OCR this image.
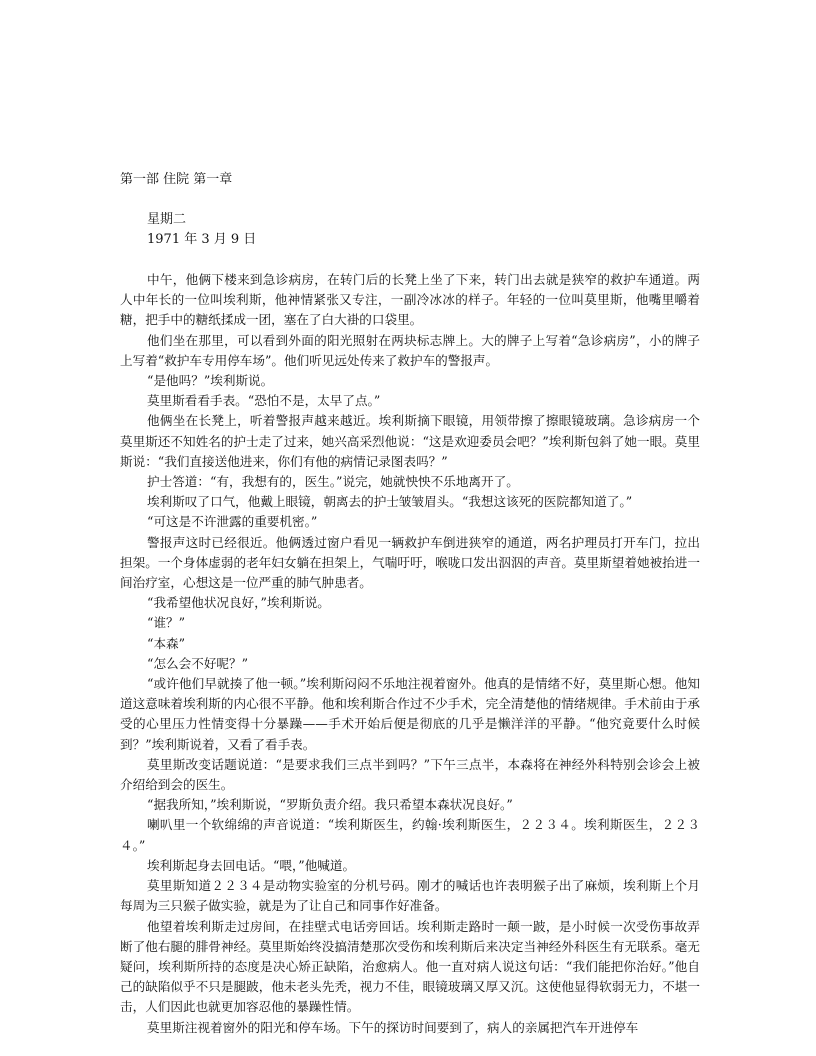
第一部 住院 第一章
星期二
1971 年 3 月 9 日

中午，他俩下楼来到急诊病房，在转门后的长凳上坐了下来，转门出去就是狭窄的救护车通道。两人中年长的一位叫埃利斯，他神情紧张又专注，一副冷冰冰的样子。年轻的一位叫莫里斯，他嘴里嚼着糖，把手中的糖纸揉成一团，塞在了白大褂的口袋里。

他们坐在那里，可以看到外面的阳光照射在两块标志牌上。大的牌子上写着“急诊病房”，小的牌子上写着“救护车专用停车场”。他们听见远处传来了救护车的警报声。

“是他吗？”埃利斯说。

莫里斯看看手表。“恐怕不是，太早了点。”

他俩坐在长凳上，听着警报声越来越近。埃利斯摘下眼镜，用领带擦了擦眼镜玻璃。急诊病房一个莫里斯还不知姓名的护士走了过来，她兴高采烈他说：“这是欢迎委员会吧？”埃利斯包斜了她一眼。莫里斯说：“我们直接送他进来，你们有他的病情记录图表吗？”

护士答道：“有，我想有的，医生。”说完，她就怏怏不乐地离开了。

埃利斯叹了口气，他戴上眼镜，朝离去的护士皱皱眉头。“我想这该死的医院都知道了。”

“可这是不许泄露的重要机密。”

警报声这时已经很近。他俩透过窗户看见一辆救护车倒进狭窄的通道，两名护理员打开车门，拉出担架。一个身体虚弱的老年妇女躺在担架上，气喘吁吁，喉咙口发出泅泅的声音。莫里斯望着她被抬进一间治疗室，心想这是一位严重的肺气肿患者。

“我希望他状况良好，”埃利斯说。

“谁？”

“本森”

“怎么会不好呢？”

“或许他们早就揍了他一顿。”埃利斯闷闷不乐地注视着窗外。他真的是情绪不好，莫里斯心想。他知道这意味着埃利斯的内心很不平静。他和埃利斯合作过不少手术，完全清楚他的情绪规律。手术前由于承受的心里压力性情变得十分暴躁——手术开始后便是彻底的几乎是懒洋洋的平静。“他究竟要什么时候到？”埃利斯说着，又看了看手表。

莫里斯改变话题说道：“是要求我们三点半到吗？”下午三点半，本森将在神经外科特别会诊会上被介绍给到会的医生。

“据我所知，”埃利斯说，“罗斯负责介绍。我只希望本森状况良好。”

喇叭里一个软绵绵的声音说道：“埃利斯医生，约翰·埃利斯医生，２２３４。埃利斯医生，２２３４。”

埃利斯起身去回电话。“喂，”他喊道。

莫里斯知道２２３４是动物实验室的分机号码。刚才的喊话也许表明猴子出了麻烦，埃利斯上个月每周为三只猴子做实验，就是为了让自己和同事作好准备。

他望着埃利斯走过房间，在挂壁式电话旁回话。埃利斯走路时一颠一跛，是小时候一次受伤事故弄断了他右腿的腓骨神经。莫里斯始终没搞清楚那次受伤和埃利斯后来决定当神经外科医生有无联系。毫无疑问，埃利斯所持的态度是决心矫正缺陷，治愈病人。他一直对病人说这句话：“我们能把你治好。”他自己的缺陷似乎不只是腿跛，他未老头先秃，视力不佳，眼镜玻璃又厚又沉。这使他显得软弱无力，不堪一击，人们因此也就更加容忍他的暴躁性情。

莫里斯注视着窗外的阳光和停车场。下午的探访时间要到了，病人的亲属把汽车开进停车
